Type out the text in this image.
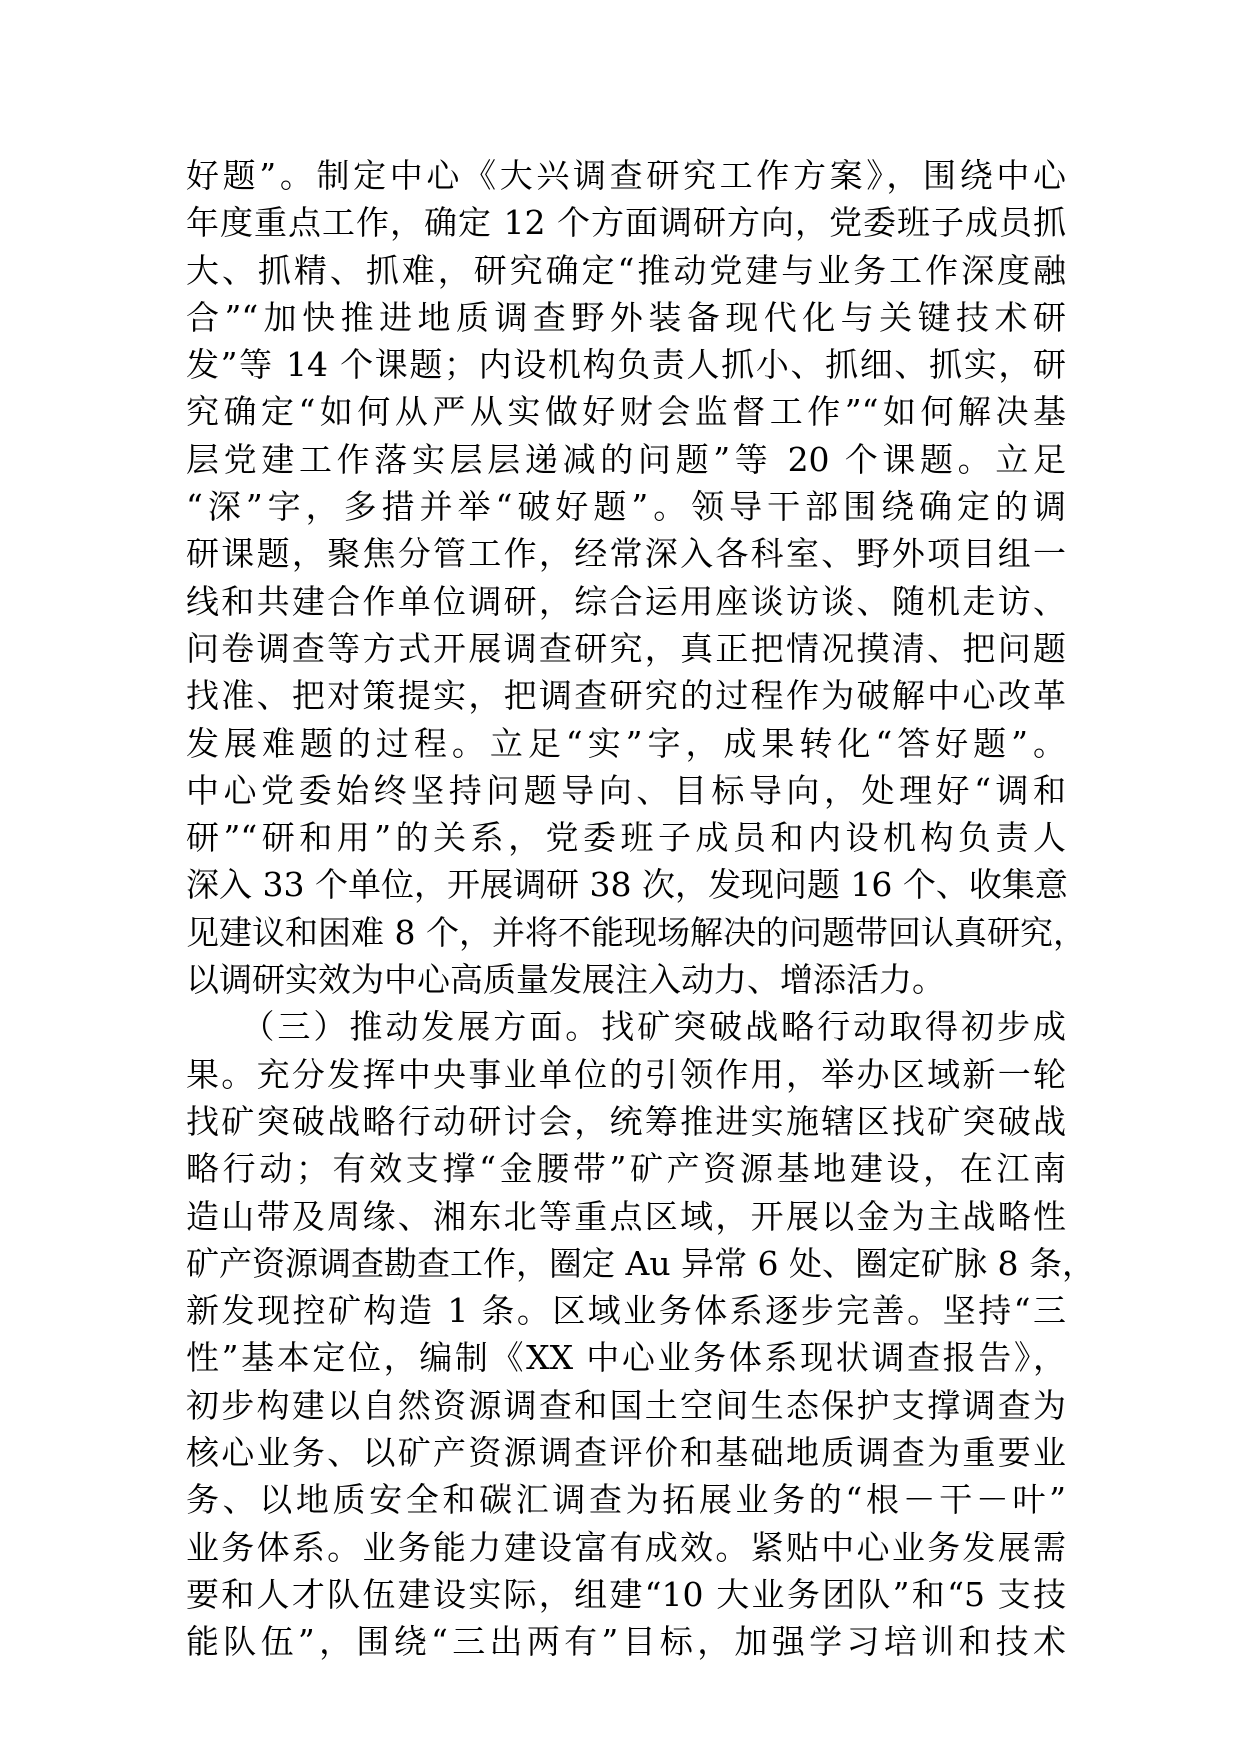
好题”。制定中心《大兴调查研究工作方案》，围绕中心
年度重点工作，确定 12 个方面调研方向，党委班子成员抓
大、抓精、抓难，研究确定“推动党建与业务工作深度融
合”“加快推进地质调查野外装备现代化与关键技术研
发”等 14 个课题；内设机构负责人抓小、抓细、抓实，研
究确定“如何从严从实做好财会监督工作”“如何解决基
层党建工作落实层层递减的问题”等 20 个课题。立足
“深”字，多措并举“破好题”。领导干部围绕确定的调
研课题，聚焦分管工作，经常深入各科室、野外项目组一
线和共建合作单位调研，综合运用座谈访谈、随机走访、
问卷调查等方式开展调查研究，真正把情况摸清、把问题
找准、把对策提实，把调查研究的过程作为破解中心改革
发展难题的过程。立足“实”字，成果转化“答好题”。
中心党委始终坚持问题导向、目标导向，处理好“调和
研”“研和用”的关系，党委班子成员和内设机构负责人
深入 33 个单位，开展调研 38 次，发现问题 16 个、收集意
见建议和困难 8 个，并将不能现场解决的问题带回认真研究，
以调研实效为中心高质量发展注入动力、增添活力。
　　（三）推动发展方面。找矿突破战略行动取得初步成
果。充分发挥中央事业单位的引领作用，举办区域新一轮
找矿突破战略行动研讨会，统筹推进实施辖区找矿突破战
略行动；有效支撑“金腰带”矿产资源基地建设，在江南
造山带及周缘、湘东北等重点区域，开展以金为主战略性
矿产资源调查勘查工作，圈定 Au 异常 6 处、圈定矿脉 8 条，
新发现控矿构造 1 条。区域业务体系逐步完善。坚持“三
性”基本定位，编制《XX 中心业务体系现状调查报告》，
初步构建以自然资源调查和国土空间生态保护支撑调查为
核心业务、以矿产资源调查评价和基础地质调查为重要业
务、以地质安全和碳汇调查为拓展业务的“根－干－叶”
业务体系。业务能力建设富有成效。紧贴中心业务发展需
要和人才队伍建设实际，组建“10 大业务团队”和“5 支技
能队伍”，围绕“三出两有”目标，加强学习培训和技术
